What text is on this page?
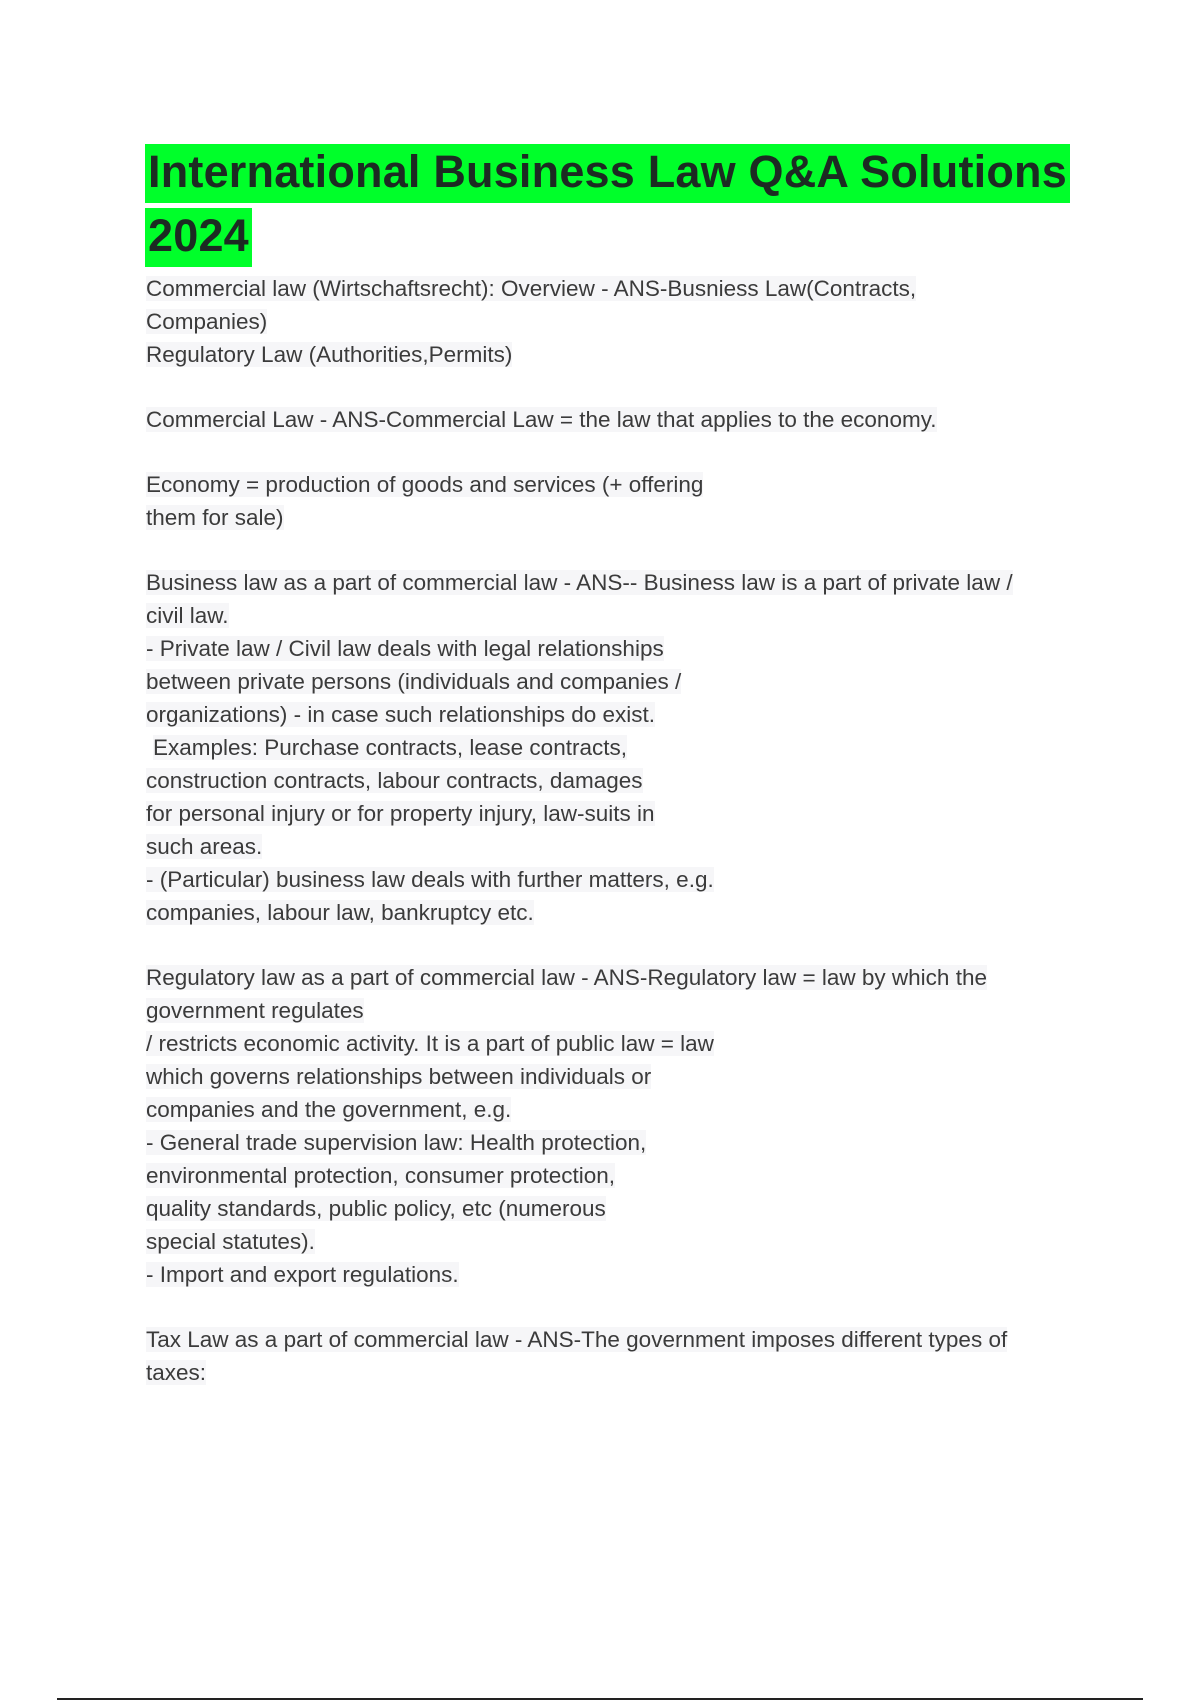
International Business Law Q&A Solutions
2024
Commercial law (Wirtschaftsrecht): Overview - ANS-Busniess Law(Contracts,
Companies)
Regulatory Law (Authorities,Permits)
Commercial Law - ANS-Commercial Law = the law that applies to the economy.
Economy = production of goods and services (+ offering
them for sale)
Business law as a part of commercial law - ANS-- Business law is a part of private law /
civil law.
- Private law / Civil law deals with legal relationships
between private persons (individuals and companies /
organizations) - in case such relationships do exist.
Examples: Purchase contracts, lease contracts,
construction contracts, labour contracts, damages
for personal injury or for property injury, law-suits in
such areas.
- (Particular) business law deals with further matters, e.g.
companies, labour law, bankruptcy etc.
Regulatory law as a part of commercial law - ANS-Regulatory law = law by which the
government regulates
/ restricts economic activity. It is a part of public law = law
which governs relationships between individuals or
companies and the government, e.g.
- General trade supervision law: Health protection,
environmental protection, consumer protection,
quality standards, public policy, etc (numerous
special statutes).
- Import and export regulations.
Tax Law as a part of commercial law - ANS-The government imposes different types of
taxes:
